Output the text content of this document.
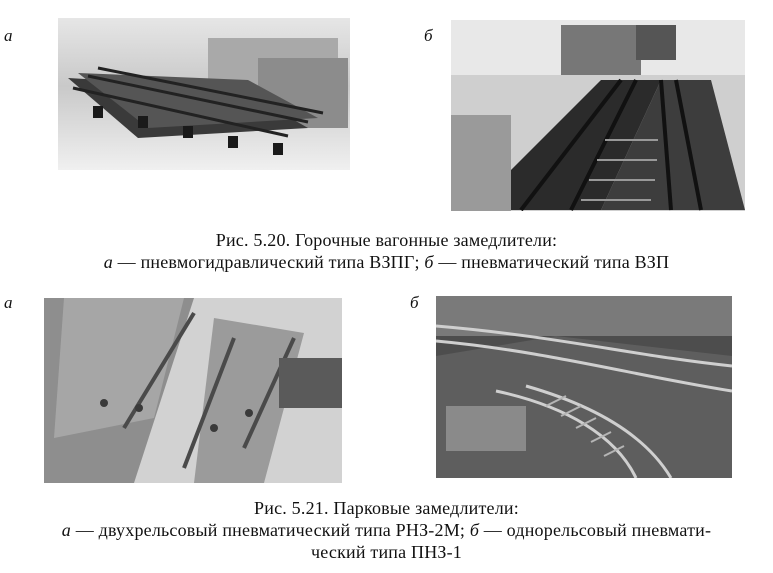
а	б
Рис. 5.20. Горочные вагонные замедлители:
а — пневмогидравлический типа ВЗПГ; б — пневматический типа ВЗП
а	б
Рис. 5.21. Парковые замедлители:
а — двухрельсовый пневматический типа РНЗ-2М; б — однорельсовый пневмати-
ческий типа ПНЗ-1
